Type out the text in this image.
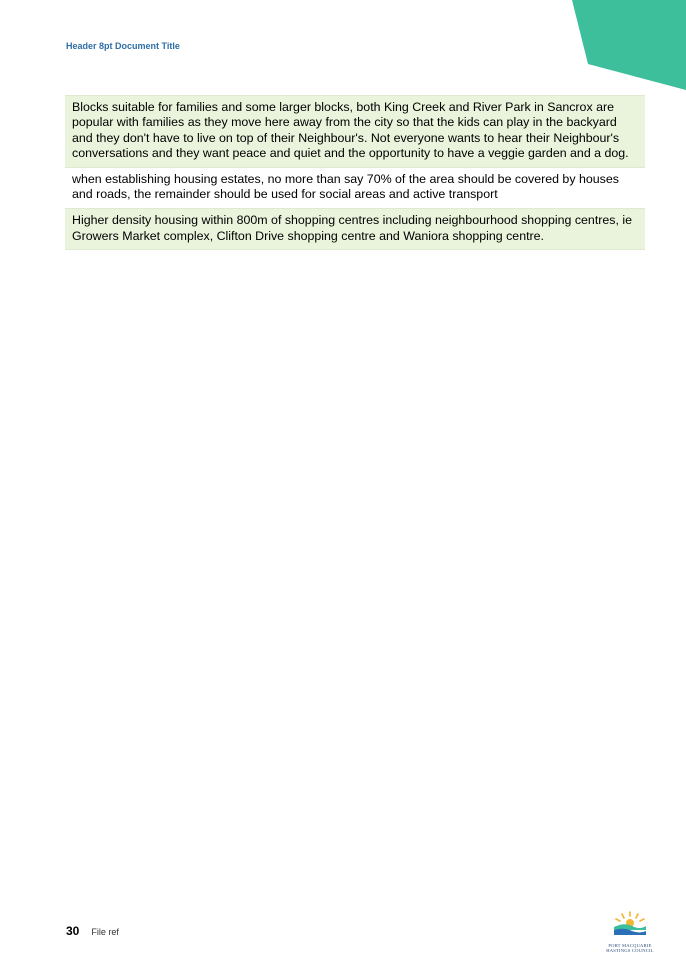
Header 8pt Document Title
Blocks suitable for families and some larger blocks, both King Creek and River Park in Sancrox are popular with families as they move here away from the city so that the kids can play in the backyard and they don't have to live on top of their Neighbour's. Not everyone wants to hear their Neighbour's conversations and they want peace and quiet and the opportunity to have a veggie garden and a dog.
when establishing housing estates, no more than say 70% of the area should be covered by houses and roads, the remainder should be used for social areas and active transport
Higher density housing within 800m of shopping centres including neighbourhood shopping centres, ie Growers Market complex, Clifton Drive shopping centre and Waniora shopping centre.
30 File ref
PORT MACQUARIE
HASTINGS COUNCIL
